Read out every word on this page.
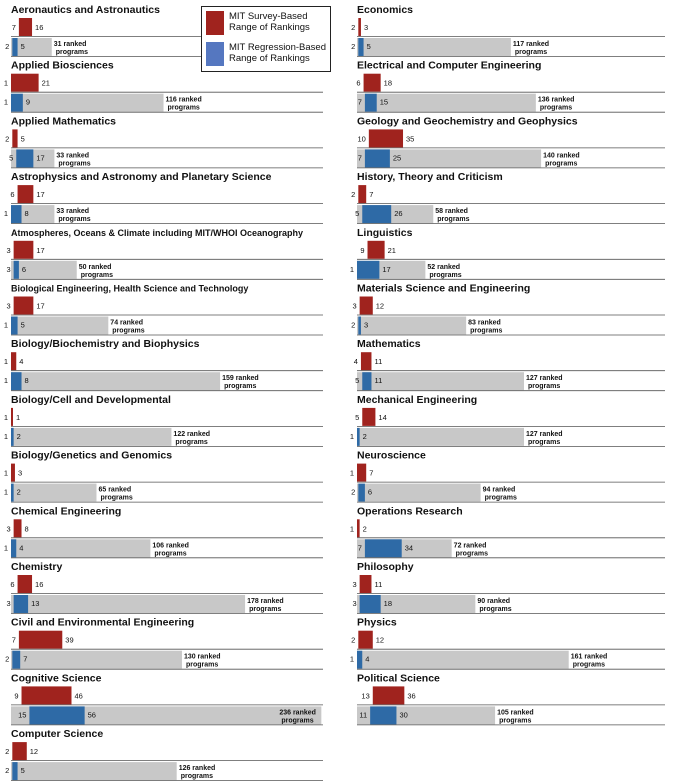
Aeronautics and Astronautics
7	16
2 5	31 ranked
programs
Applied Biosciences
1	21
1 9	116 ranked
programs
Applied Mathematics
2 5
5	17 33 ranked
programs
Astrophysics and Astronomy and Planetary Science
6	17
1 8	33 ranked
programs
Atmospheres, Oceans & Climate including MIT/WHOI Oceanography
3	17
3 6	50 ranked
programs
Biological Engineering, Health Science and Technology
3	17
1 5	74 ranked
programs
Biology/Biochemistry and Biophysics
1 4
1 8	159 ranked
programs
Biology/Cell and Developmental
1 1
1 2	122 ranked
programs
Biology/Genetics and Genomics
1 3
1 2	65 ranked
programs
Chemical Engineering
3 8
1 4	106 ranked
programs
Chemistry
6	16
3	13	178 ranked
programs
Civil and Environmental Engineering
7	39
2 7	130 ranked
programs
Cognitive Science
9	46
15	56	236 ranked
programs
Computer Science
2	12
2 5	126 ranked
programs
Economics
2 3
2 5	117 ranked
programs
Electrical and Computer Engineering
6	18
7 15	136 ranked
programs
Geology and Geochemistry and Geophysics
10	35
7	25	140 ranked
programs
History, Theory and Criticism
2 7
5	26	58 ranked
programs
Linguistics
9	21
1	17	52 ranked
programs
Materials Science and Engineering
3	12
2 3	83 ranked
programs
Mathematics
4 11
5 11	127 ranked
programs
Mechanical Engineering
5	14
1 2	127 ranked
programs
Neuroscience
1 7
2 6	94 ranked
programs
Operations Research
1 2
7	34	72 ranked
programs
Philosophy
3 11
3	18	90 ranked
programs
Physics
2	12
1 4	161 ranked
programs
Political Science
13	36
11	30	105 ranked
programs
MIT Survey-Based
Range of Rankings
MIT Regression-Based
Range of Rankings
